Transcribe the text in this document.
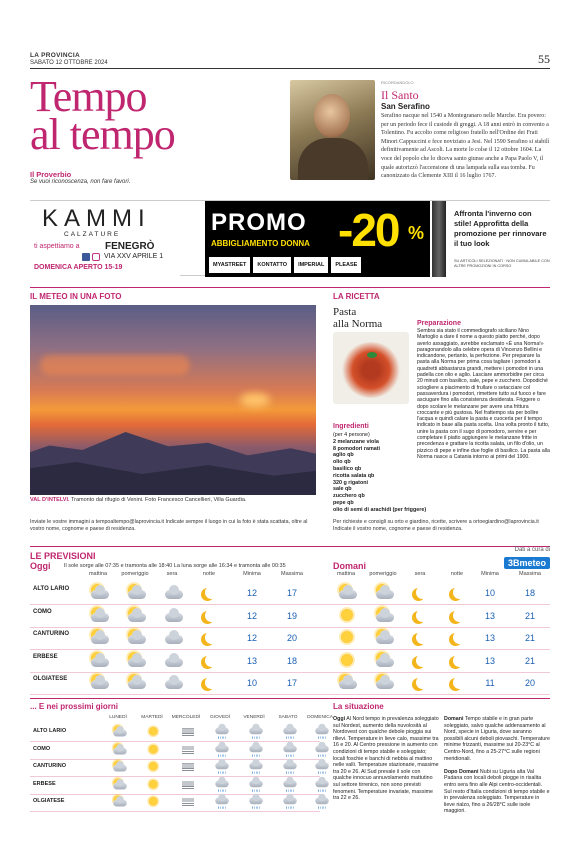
LA PROVINCIA
SABATO 12 OTTOBRE 2024	55
Tempo
al tempo
Il Proverbio
Se vuoi riconoscenza, non fare favori.
RICORDANDOLO
Il Santo
San Serafino
Serafino nacque nel 1540 a Montegranaro nelle Marche. Era povero: per un periodo fece il custode di greggi. A 18 anni entrò in convento a Tolentino. Fu accolto come religioso fratello nell'Ordine dei Frati Minori Cappuccini e fece noviziato a Jesi. Nel 1590 Serafino si stabilì definitivamente ad Ascoli. La morte lo colse il 12 ottobre 1604. La voce del popolo che lo diceva santo giunse anche a Papa Paolo V, il quale autorizzò l'accensione di una lampada sulla sua tomba. Fu canonizzato da Clemente XIII il 16 luglio 1767.
KAMMI
CALZATURE
ti aspettiamo a	FENEGRÒ
VIA XXV APRILE 1
DOMENICA APERTO 15-19
PROMO
ABBIGLIAMENTO DONNA -20 %
MYASTREET	KONTATTO	IMPERIAL	PLEASE
Affronta l'inverno con stile! Approfitta della promozione per rinnovare il tuo look
SU ARTICOLI SELEZIONATI · NON CUMULABILE CON ALTRE PROMOZIONI IN CORSO
IL METEO IN UNA FOTO
VAL D'INTELVI. Tramonto dal rifugio di Venini. Foto Francesco Cancellieri, Villa Guardia.
Inviate le vostre immagini a tempoaltempo@laprovincia.it Indicate sempre il luogo in cui la foto è stata scattata, oltre al vostro nome, cognome e paese di residenza.
LA RICETTA
Pasta
alla Norma
Ingredienti
(per 4 persone)
2 melanzane viola
8 pomodori ramati
aglio qb
olio qb
basilico qb
ricotta salata qb
320 g rigatoni
sale qb
zucchero qb
pepe qb
olio di semi di arachidi (per friggere)
Preparazione
Sembra sia stato il commediografo siciliano Nino Martoglio a dare il nome a questo piatto perché, dopo averlo assaggiato, avrebbe esclamato «È una Norma!» paragonandolo alla celebre opera di Vincenzo Bellini e indicandone, pertanto, la perfezione. Per preparare la pasta alla Norma per prima cosa tagliare i pomodori a quadretti abbastanza grandi, mettere i pomodori in una padella con olio e aglio. Lasciare ammorbidire per circa 20 minuti con basilico, sale, pepe e zucchero. Dopodiché sciogliere a piacimento di frullare o setacciare col passaverdura i pomodori, rimettere tutto sul fuoco e fare asciugare fino alla consistenza desiderata. Friggere o dopo scolare le melanzane per avere una frittura croccante e più gustosa. Nel frattempo sta per bollire l'acqua e quindi calare la pasta e cuocerla per il tempo indicato in base alla pasta scelta. Una volta pronto il tutto, unire la pasta con il sugo di pomodoro, servire e per completare il piatto aggiungere le melanzane fritte in precedenza e grattare la ricotta salata, un filo d'olio, un pizzico di pepe e infine due foglie di basilico. La pasta alla Norma nasce a Catania intorno ai primi del 1900.
Per richieste e consigli su orto e giardino, ricette, scrivere a ortoegiardino@laprovincia.it Indicate il vostro nome, cognome e paese di residenza.
LE PREVISIONI
Dati a cura di
3Bmeteo
Oggi Il sole sorge alle 07:35 e tramonta alle 18:40 La luna sorge alle 16:34 e tramonta alle 00:35	Domani
mattina	pomeriggio	sera	notte	Minima	Massima	mattina	pomeriggio	sera	notte	Minima	Massima
ALTO LARIO	12	17	10	18
COMO	12	19	13	21
CANTURINO	12	20	13	21
ERBESE	13	18	13	21
OLGIATESE	10	17	11	20
... E nei prossimi giorni
LUNEDÌ	MARTEDÌ	MERCOLEDÌ	GIOVEDÌ	VENERDÌ	SABATO	DOMENICA
ALTO LARIO
COMO
CANTURINO
ERBESE
OLGIATESE
La situazione
Oggi Al Nord tempo in prevalenza soleggiato sul Nordest, aumento della nuvolosità al Nordovest con qualche debole pioggia sui rilievi. Temperature in lieve calo, massime tra 16 e 20. Al Centro pressione in aumento con condizioni di tempo stabile e soleggiato; locali foschie e banchi di nebbia al mattino nelle valli. Temperature stazionarie, massime tra 20 e 26. Al Sud prevale il sole con qualche innocuo annuvolamento mattutino sul settore tirrenico, non sono previsti fenomeni. Temperature invariate, massime tra 22 e 26.
Domani Tempo stabile e in gran parte soleggiato, salvo qualche addensamento al Nord, specie in Liguria, dove saranno possibili alcuni deboli piovaschi. Temperature minime frizzanti, massime sui 20-23°C al Centro-Nord, fino a 25-27°C sulle regioni meridionali.

Dopo Domani Nubi su Liguria alta Val Padana con locali deboli piogge in risalita entro sera fino alle Alpi centro-occidentali. Sul resto d'Italia condizioni di tempo stabile e in prevalenza soleggiato. Temperature in lieve rialzo, fino a 26/28°C sulle isole maggiori.
